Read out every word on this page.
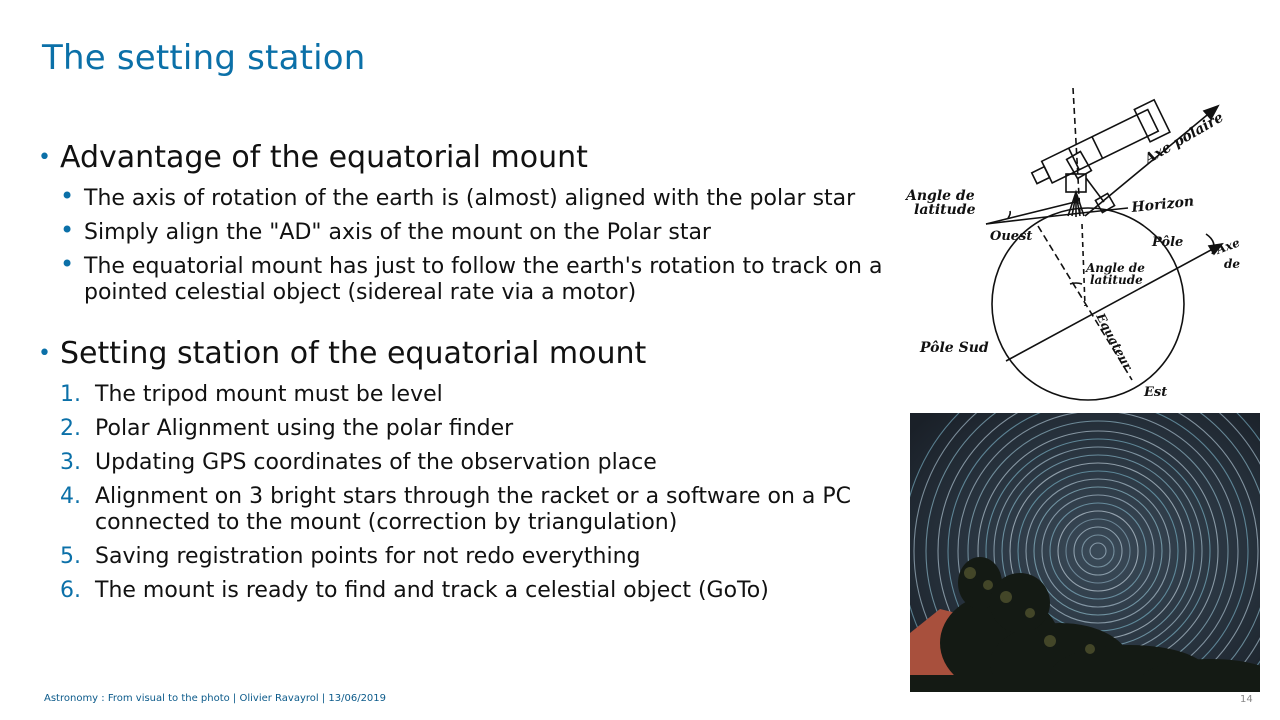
The setting station
• Advantage of the equatorial mount
• The axis of rotation of the earth is (almost) aligned with the polar star
• Simply align the "AD" axis of the mount on the Polar star
• The equatorial mount has just to follow the earth's rotation to track on a pointed celestial object (sidereal rate via a motor)
• Setting station of the equatorial mount
1. The tripod mount must be level
2. Polar Alignment using the polar finder
3. Updating GPS coordinates of the observation place
4. Alignment on 3 bright stars through the racket or a software on a PC connected to the mount (correction by triangulation)
5. Saving registration points for not redo everything
6. The mount is ready to find and track a celestial object (GoTo)
Axe polaire
Angle de
latitude	Horizon
Ouest	Pôle	Axe
de
Angle de
latitude
Equateur
Pôle Sud
Est
Astronomy : From visual to the photo | Olivier Ravayrol | 13/06/2019	14
